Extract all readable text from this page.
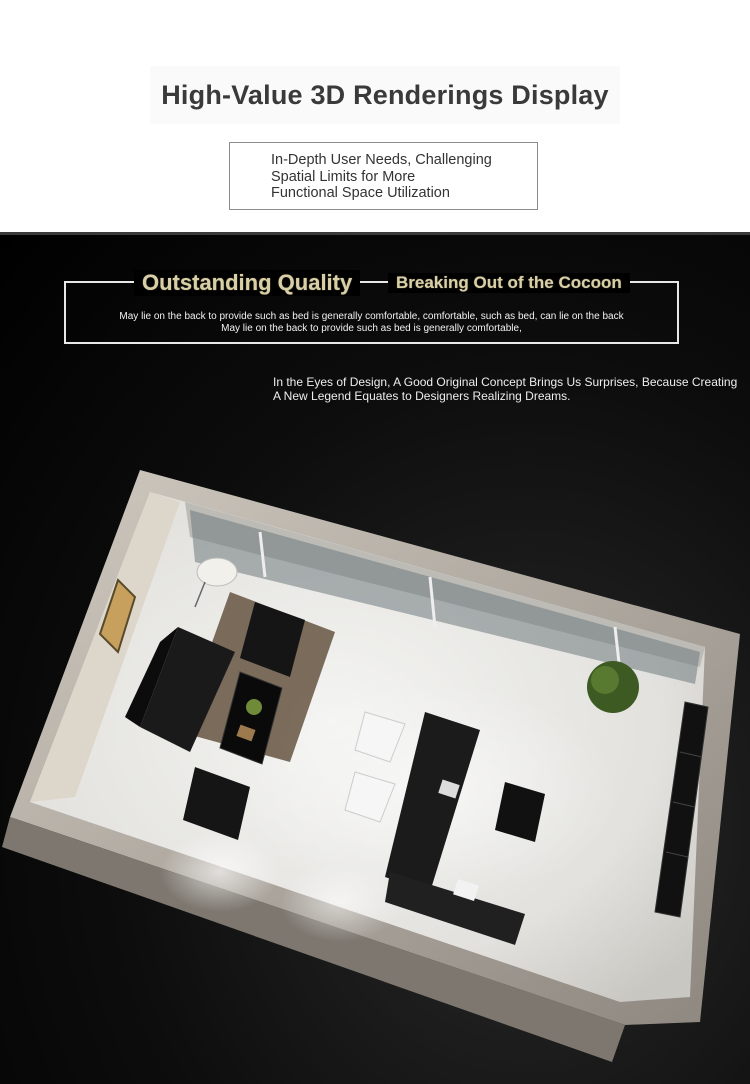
High-Value 3D Renderings Display
In-Depth User Needs, Challenging
Spatial Limits for More
Functional Space Utilization
Outstanding Quality	Breaking Out of the Cocoon
May lie on the back to provide such as bed is generally comfortable, comfortable, such as bed, can lie on the back
May lie on the back to provide such as bed is generally comfortable,
In the Eyes of Design, A Good Original Concept Brings Us Surprises, Because Creating
A New Legend Equates to Designers Realizing Dreams.
